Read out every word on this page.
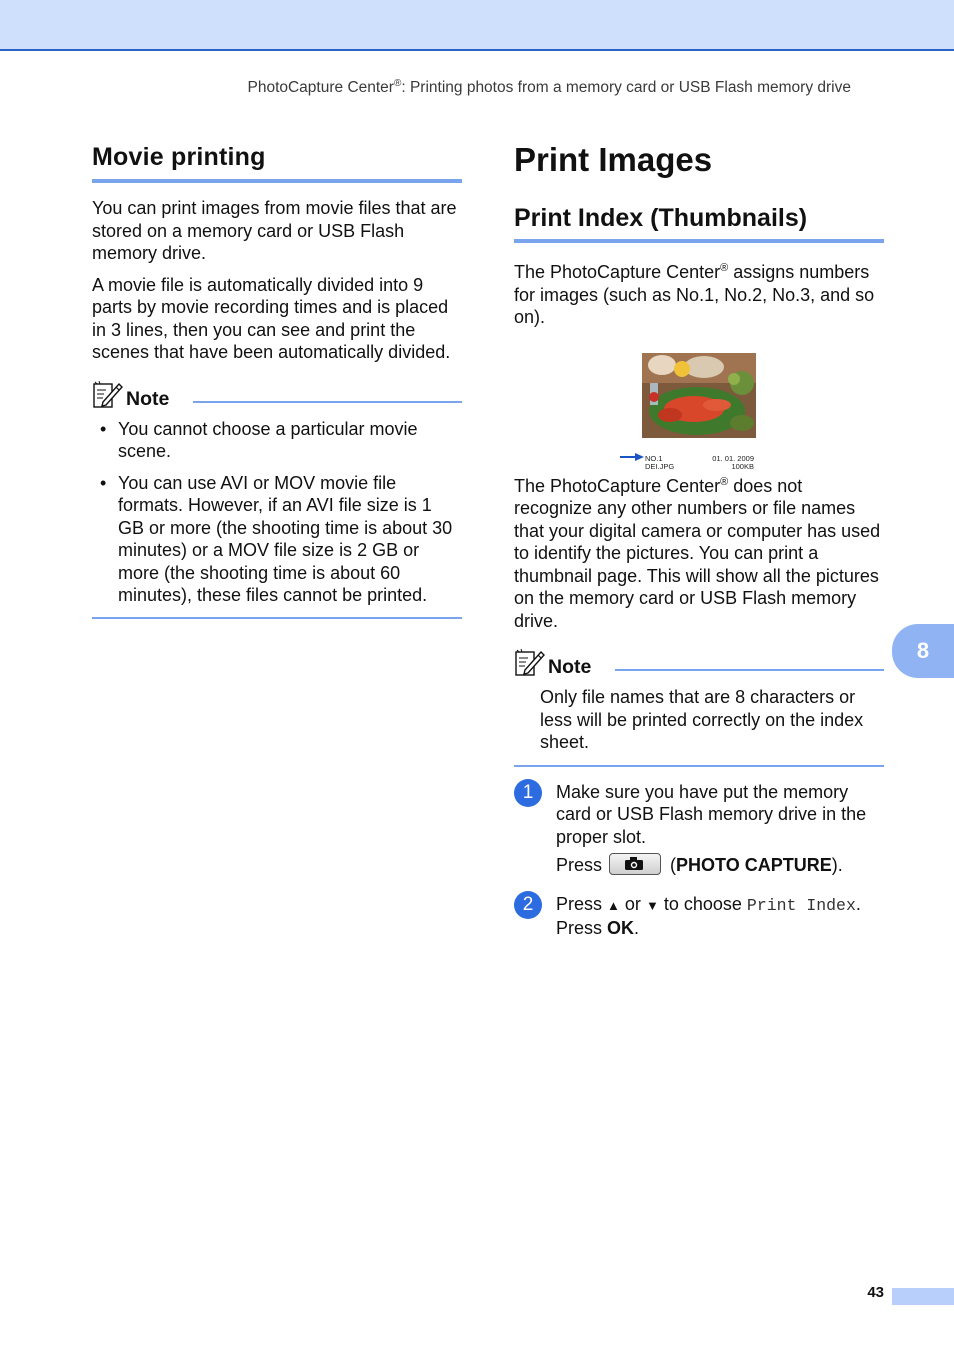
PhotoCapture Center®: Printing photos from a memory card or USB Flash memory drive
Movie printing

You can print images from movie files that are stored on a memory card or USB Flash memory drive.

A movie file is automatically divided into 9 parts by movie recording times and is placed in 3 lines, then you can see and print the scenes that have been automatically divided.

Note
• You cannot choose a particular movie scene.
• You can use AVI or MOV movie file formats. However, if an AVI file size is 1 GB or more (the shooting time is about 30 minutes) or a MOV file size is 2 GB or more (the shooting time is about 60 minutes), these files cannot be printed.
Print Images
Print Index (Thumbnails)

The PhotoCapture Center® assigns numbers for images (such as No.1, No.2, No.3, and so on).

NO.1
DEI.JPG
01. 01. 2009
100KB

The PhotoCapture Center® does not recognize any other numbers or file names that your digital camera or computer has used to identify the pictures. You can print a thumbnail page. This will show all the pictures on the memory card or USB Flash memory drive.

Note

Only file names that are 8 characters or less will be printed correctly on the index sheet.

1	Make sure you have put the memory card or USB Flash memory drive in the proper slot.

Press	(PHOTO CAPTURE).

2	Press ▲ or ▼ to choose Print Index.
Press OK.

8
43
